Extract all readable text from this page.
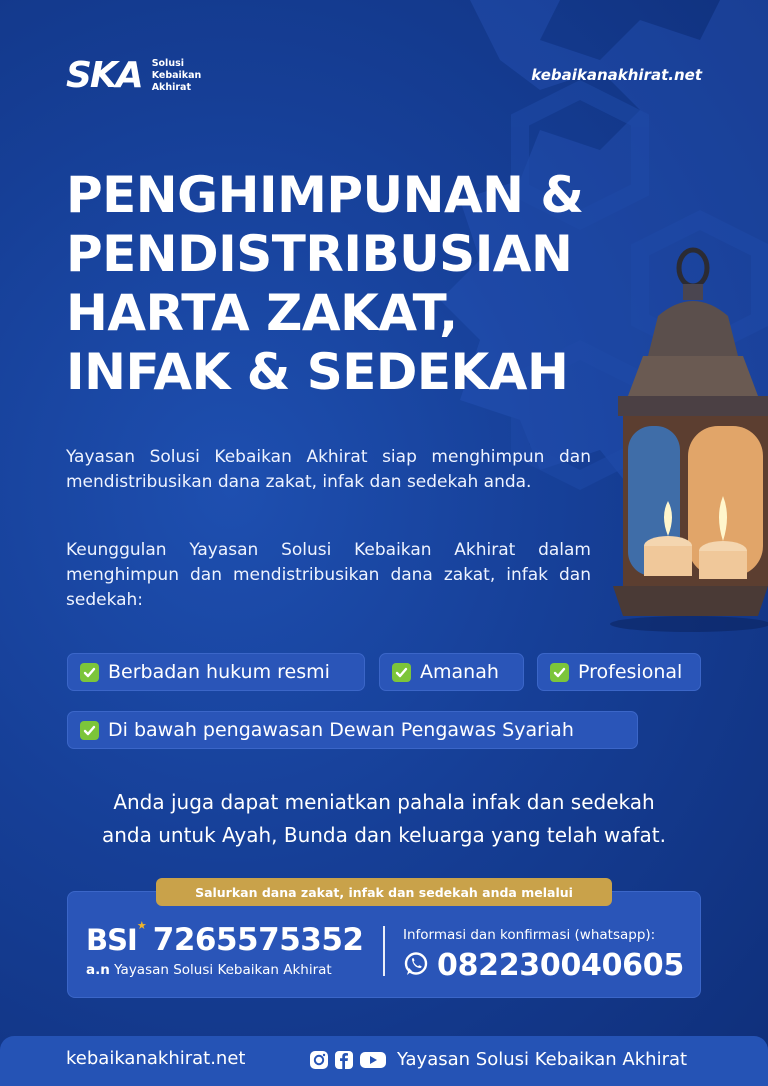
SKA Solusi
Kebaikan
Akhirat
kebaikanakhirat.net
PENGHIMPUNAN &
PENDISTRIBUSIAN
HARTA ZAKAT,
INFAK & SEDEKAH

Yayasan Solusi Kebaikan Akhirat siap menghimpun dan mendistribusikan dana zakat, infak dan sedekah anda.

Keunggulan Yayasan Solusi Kebaikan Akhirat dalam menghimpun dan mendistribusikan dana zakat, infak dan sedekah:

Berbadan hukum resmi	Amanah	Profesional
Di bawah pengawasan Dewan Pengawas Syariah
Anda juga dapat meniatkan pahala infak dan sedekah
anda untuk Ayah, Bunda dan keluarga yang telah wafat.
Salurkan dana zakat, infak dan sedekah anda melalui
BSI ★ 7265575352
a.n Yayasan Solusi Kebaikan Akhirat
Informasi dan konfirmasi (whatsapp):
082230040605
kebaikanakhirat.net	Yayasan Solusi Kebaikan Akhirat
